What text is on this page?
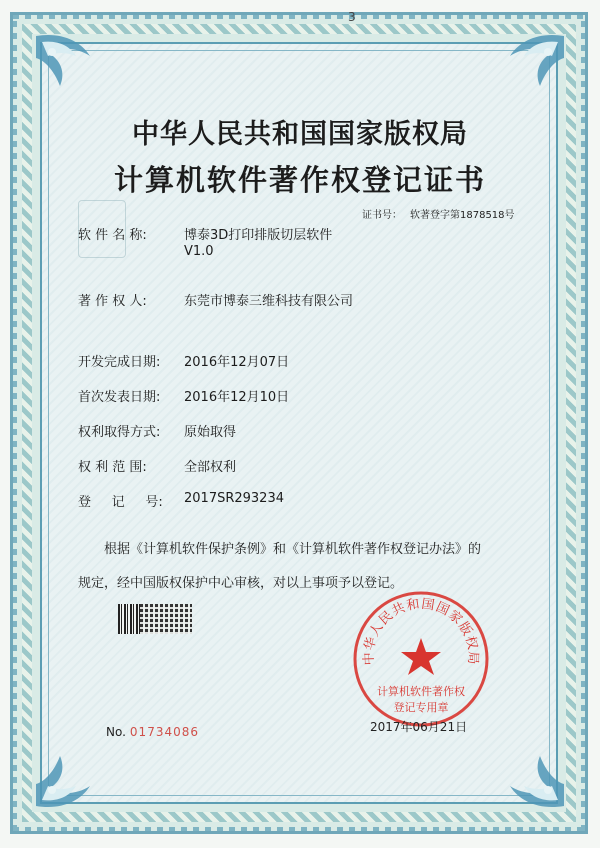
3
中华人民共和国国家版权局
计算机软件著作权登记证书
证书号： 软著登字第1878518号
软 件 名 称:	博泰3D打印排版切层软件
V1.0
著 作 权 人:	东莞市博泰三维科技有限公司
开发完成日期:	2016年12月07日
首次发表日期:	2016年12月10日
权利取得方式:	原始取得
权 利 范 围:	全部权利
登     记     号:	2017SR293234
根据《计算机软件保护条例》和《计算机软件著作权登记办法》的
规定，经中国版权保护中心审核，对以上事项予以登记。
中华人民共和国国家版权局
计算机软件著作权
登记专用章
2017年06月21日
No. 01734086
